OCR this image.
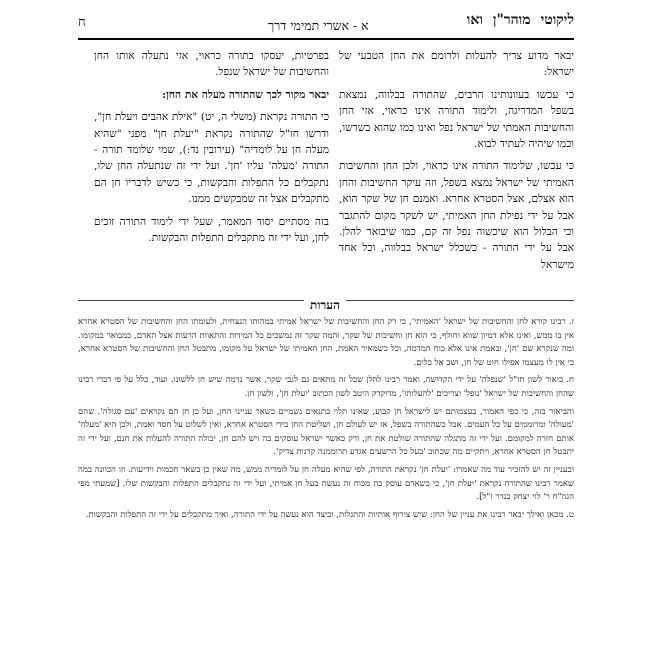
ח	א - אשרי תמימי דרך	ליקוטימוהר"ןואו

יבאר מדוע צריך להעלות ולרומם את החן הטבעי של ישראל:

כי עכשו בעוונותינו הרבים, שהתורה בבלווה, נמצאת בשפל המדריגה, ולימוד התורה אינו כראוי, אזי החן והחשיבות האמתי של ישראל נפל ואינו כמו שהוא בשרשו, וכמו שיהיה לעתיד לבוא.

כי עכשו, שלימוד התורה אינו כראוי, ולכן החן והחשיבות האמיתי של ישראל נמצא בשפל, וזה עיקר החשיבות והחן הוא אצלם, אצל הסטרא אחרא. ואמנם חן של שקר הוא, אבל על ידי נפילת החן האמיתי, יש לשקר מקום להתגבר וכי הבלול הוא שיכשוה נפל זה קם, כמו שיבואר להלן. אבל על ידי התורה - כשכלל ישראל בבלווה, וכל אחד מישראל

בפרטיות, יעסקו בתורה כראוי, אזי נתעלה אותו החן והחשיבות של ישראל שנפל.

יבאר מקור לכך שהתורה מעלה את החן:

כי התורה נקראת (משלי ה, יט) "אילת אהבים ויעלת חן", ודרשו חז"ל שהתורה נקראת "יעלת חן" מפני "שהיא מעלה חן על לומדיה" (עירובין נד:), שמי שלומד תורה - התורה 'מעלה' עליו 'חן'. ועל ידי זה שנתעלה החן שלו, נתקבלים כל התפלות והבקשות, כי כשיש לדבריו חן הם מתקבלים אצל זה שמבקשים ממנו.

בזה מסתיים יסוד המאמר, שעל ידי לימוד התורה זוכים לחן, ועל ידי זה מתקבלים התפלות והבקשות.

הערות

ז. רבינו קורא לחן והחשיבות של ישראל 'האמיתי', כי רק החן והחשיבות של ישראל אמיתי במהותו הנצחית, ולעומתו החן והחשיבות של הסטרא אחרא אין בו ממש, ואינו אלא דמיון שווא וחולף, כי הוא חן וחשיבות של שקר, והמה שקר זה נמשכים כל המידות והתאוות הרעות אצל האדם, כמבואר במקומו. ומה שנקרא שם 'חן', ובאמת אינו אלא כוח המדמה, וכל כשמאיר האמת, החן האמיתי של ישראל על מקומו, מתבטל החן והחשיבות של הסטרא אחרא, כי אין לו מעצמו אפילו חוט של חן, ושב אל כלום.

ח. ביאור לשון חז"ל 'שנפלה' על ידי הקדושה, ואמר רבינו להלן שכל זה מתאים גם לגבי שקר, אשר נדמה שיש חן ללשונו. ועוד, כלל על פי דברי רבינו שהחן והחשיבות של ישראל 'נופל' וצריכים 'להעלותו', מדוקדק היטב לשון הכתוב 'יעלת חן', ולשון חן.

והביאור בזה, כי כפי האמור, בעצמותם יש לישראל חן קבוע, שאינו תלוי בתנאים גשמיים כשאר ענייני החן, ועל כן חן הם נקראים 'עם סגולה'. שהם 'מעולה' ומרוממים על כל העמים. אבל כשהתורה בשפל, אז יש לעולם חן, ושליטת החן בידי הסטרא אחרא, ואין לשלוט על חסד ואמת, ולכן היא 'מעלה' אותם חזרה למקומם. ועל ידי זה מתגלה שהתורה שולטת את חן, ורק כאשר ישראל עוסקים בה ויש להם חן, יכולה התורה להעלות את חנם, ועל ידי זה יתבטל חן הסטרא אחרא, ויתקיים מה שכתוב 'בעל כל הרשעים אגדע תרוממנה קרנות צדיק'.

ובעניין זה יש להזכיר עוד מה שאמרו: 'יעלת חן' נקראת התורה, לפי שהיא מעלה חן על לומדיה ממש, מה שאין כן בשאר חכמות וידיעות. וזו הכוונה במה שאמר רבינו שהתורה נקראת 'יעלת חן', כי כשאדם עוסק בה מכוח זה נעשה בעל חן אמיתי, ועל ידי זה נתקבלים התפלות והבקשות שלו. [שמעתי מפי הגה"ח ר' לוי יצחק בנדר ז"ל].

ט. מכאן ואילך יבאר רבינו את עניין של החן: שיש צירוף אותיות והתגלות, וכיצד הוא נעשה על ידי התורה, ואיך מתקבלים על ידי זה התפלות והבקשות.
